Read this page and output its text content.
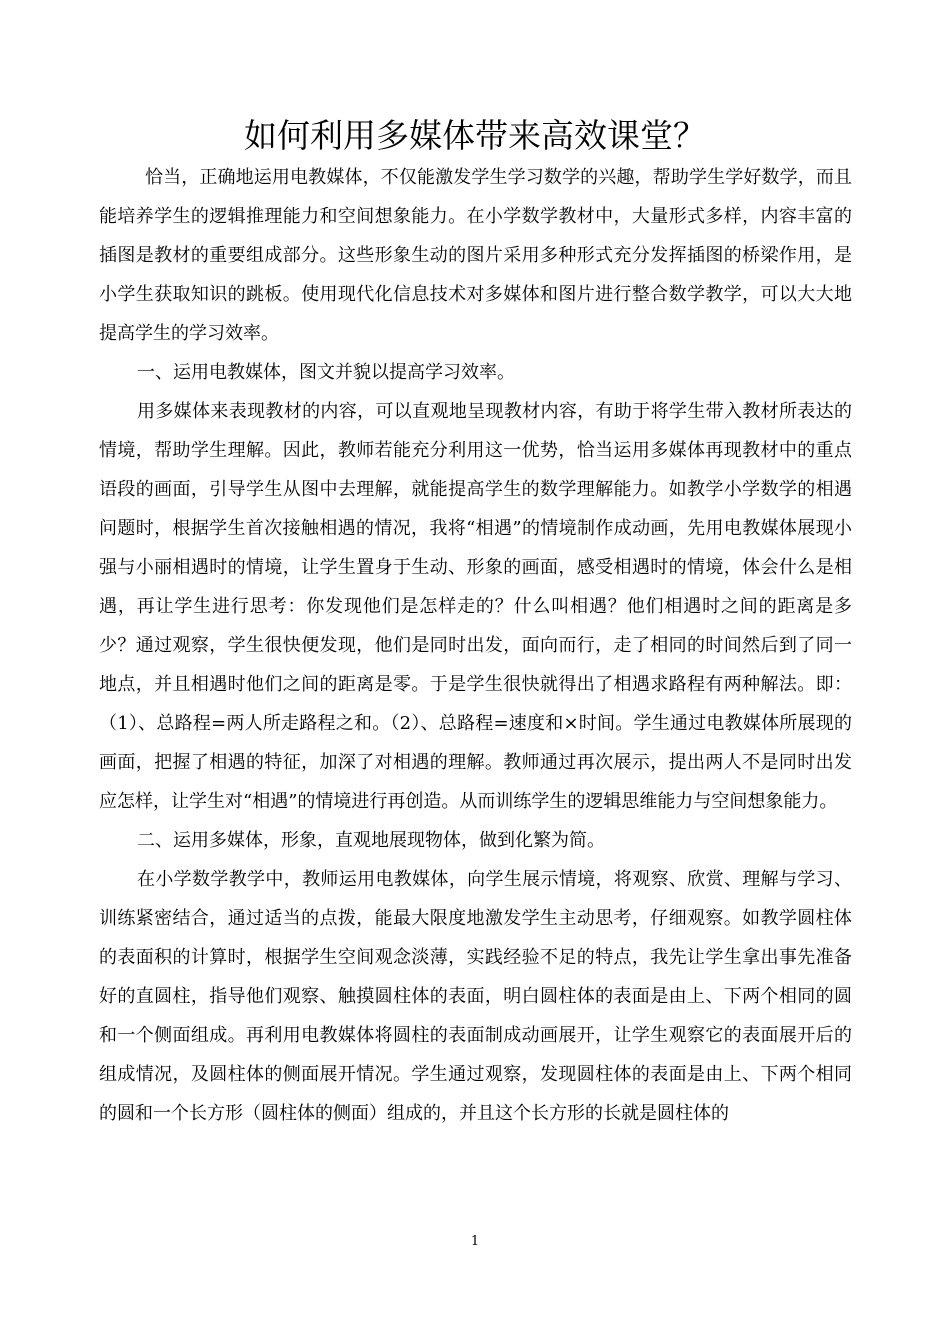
如何利用多媒体带来高效课堂？

恰当，正确地运用电教媒体，不仅能激发学生学习数学的兴趣，帮助学生学好数学，而且能培养学生的逻辑推理能力和空间想象能力。在小学数学教材中，大量形式多样，内容丰富的插图是教材的重要组成部分。这些形象生动的图片采用多种形式充分发挥插图的桥梁作用，是小学生获取知识的跳板。使用现代化信息技术对多媒体和图片进行整合数学教学，可以大大地提高学生的学习效率。

一、运用电教媒体，图文并貌以提高学习效率。

用多媒体来表现教材的内容，可以直观地呈现教材内容，有助于将学生带入教材所表达的情境，帮助学生理解。因此，教师若能充分利用这一优势，恰当运用多媒体再现教材中的重点语段的画面，引导学生从图中去理解，就能提高学生的数学理解能力。如教学小学数学的相遇问题时，根据学生首次接触相遇的情况，我将“相遇”的情境制作成动画，先用电教媒体展现小强与小丽相遇时的情境，让学生置身于生动、形象的画面，感受相遇时的情境，体会什么是相遇，再让学生进行思考：你发现他们是怎样走的？什么叫相遇？他们相遇时之间的距离是多少？通过观察，学生很快便发现，他们是同时出发，面向而行，走了相同的时间然后到了同一地点，并且相遇时他们之间的距离是零。于是学生很快就得出了相遇求路程有两种解法。即：（1）、总路程=两人所走路程之和。（2）、总路程=速度和×时间。学生通过电教媒体所展现的画面，把握了相遇的特征，加深了对相遇的理解。教师通过再次展示，提出两人不是同时出发应怎样，让学生对“相遇”的情境进行再创造。从而训练学生的逻辑思维能力与空间想象能力。

二、运用多媒体，形象，直观地展现物体，做到化繁为简。

在小学数学教学中，教师运用电教媒体，向学生展示情境，将观察、欣赏、理解与学习、训练紧密结合，通过适当的点拨，能最大限度地激发学生主动思考，仔细观察。如教学圆柱体的表面积的计算时，根据学生空间观念淡薄，实践经验不足的特点，我先让学生拿出事先准备好的直圆柱，指导他们观察、触摸圆柱体的表面，明白圆柱体的表面是由上、下两个相同的圆和一个侧面组成。再利用电教媒体将圆柱的表面制成动画展开，让学生观察它的表面展开后的组成情况，及圆柱体的侧面展开情况。学生通过观察，发现圆柱体的表面是由上、下两个相同的圆和一个长方形（圆柱体的侧面）组成的，并且这个长方形的长就是圆柱体的

1
